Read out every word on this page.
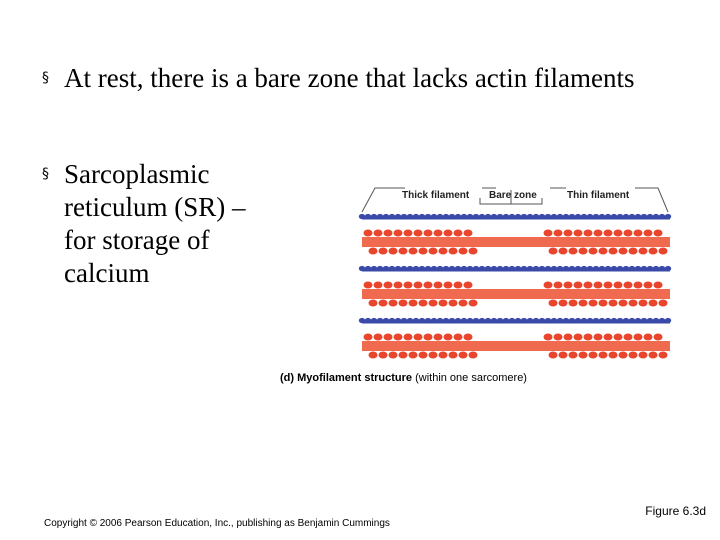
§ At rest, there is a bare zone that lacks actin filaments
§ Sarcoplasmic reticulum (SR) – for storage of calcium
Thick filament Bare zone	Thin filament
(d) Myofilament structure (within one sarcomere)
Figure 6.3d
Copyright © 2006 Pearson Education, Inc., publishing as Benjamin Cummings
